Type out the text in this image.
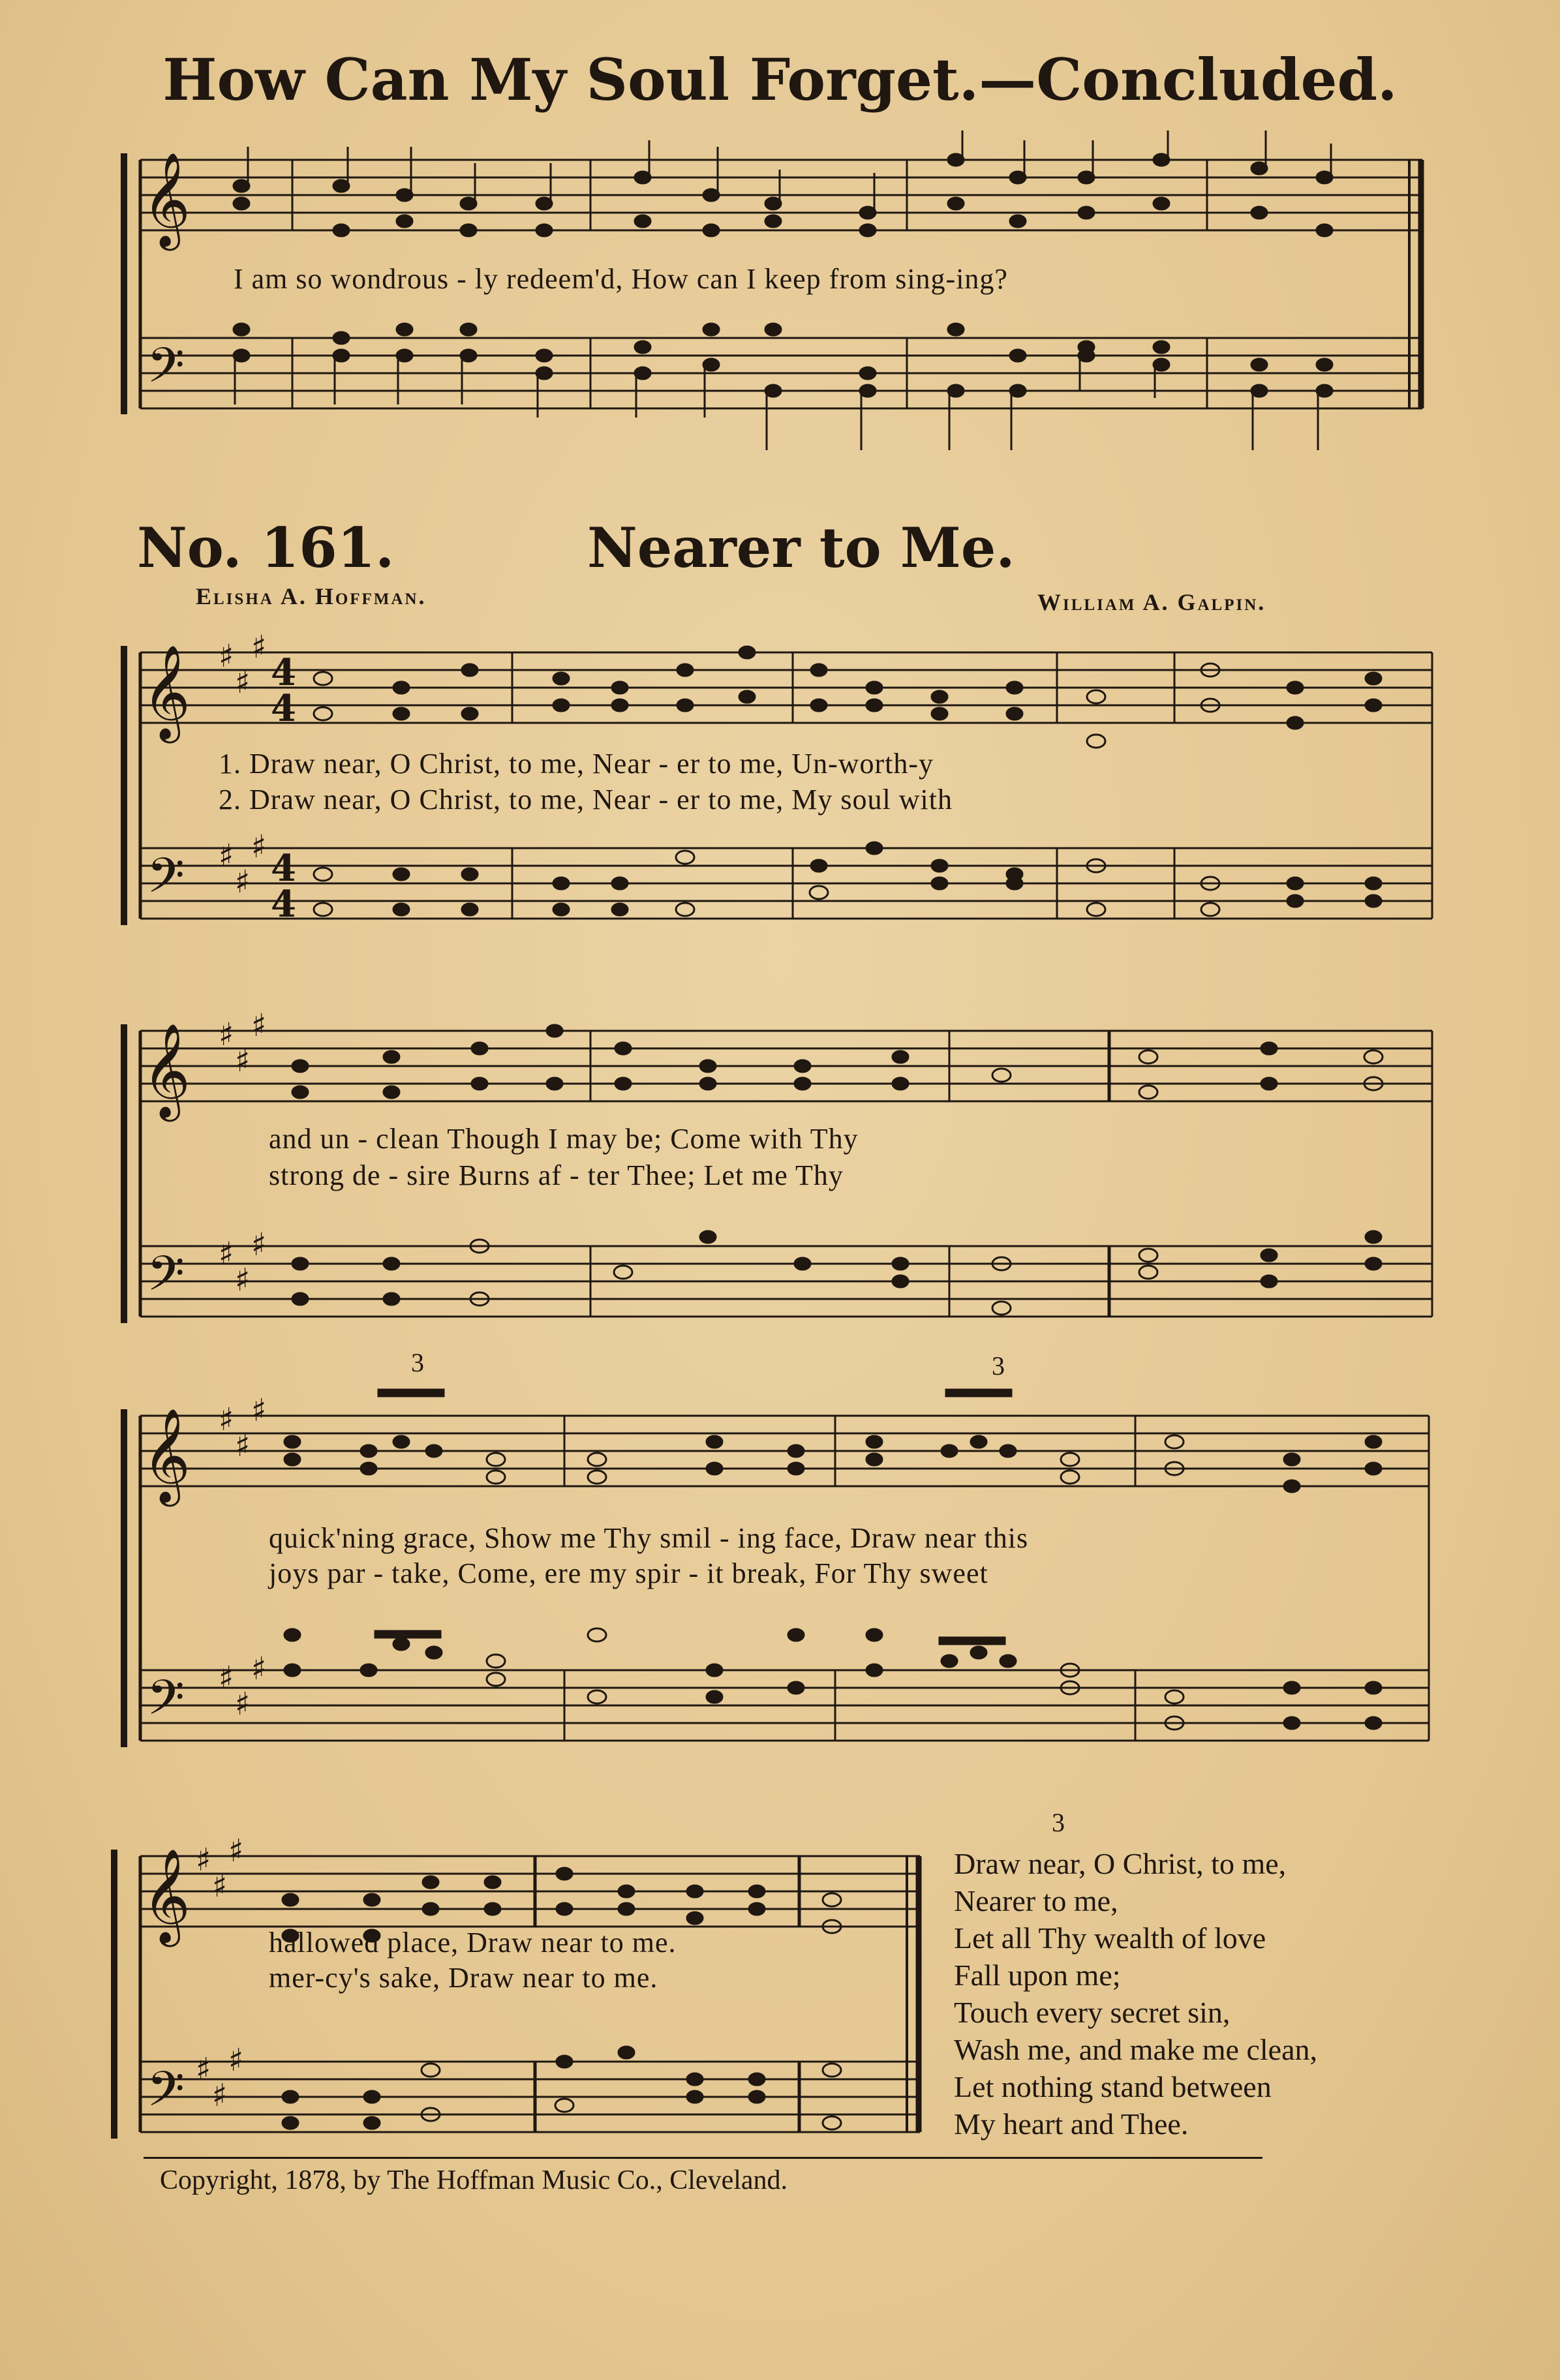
How Can My Soul Forget.—Concluded.
𝄞
𝄢
I am so wondrous - ly redeem'd, How can I keep from sing-ing?
No. 161.	Nearer to Me.
Elisha A. Hoffman.	William A. Galpin.
𝄞
𝄢
♯
♯
♯
♯
♯
♯
4
4
4
4
1. Draw near, O Christ, to me, Near - er to me, Un-worth-y
2. Draw near, O Christ, to me, Near - er to me, My soul with
𝄞
𝄢
♯
♯
♯
♯
♯
♯
and un - clean Though I may be; Come with Thy
strong de - sire Burns af - ter Thee; Let me Thy
𝄞
𝄢
♯
♯
♯
♯
♯
♯
3	3
quick'ning grace, Show me Thy smil - ing face, Draw near this
joys par - take, Come, ere my spir - it break, For Thy sweet
𝄞
𝄢
♯
♯
♯
♯
♯
♯
hallowed place, Draw near to me.
mer-cy's sake, Draw near to me.
3
Draw near, O Christ, to me,
Nearer to me,
Let all Thy wealth of love
Fall upon me;
Touch every secret sin,
Wash me, and make me clean,
Let nothing stand between
My heart and Thee.
Copyright, 1878, by The Hoffman Music Co., Cleveland.
